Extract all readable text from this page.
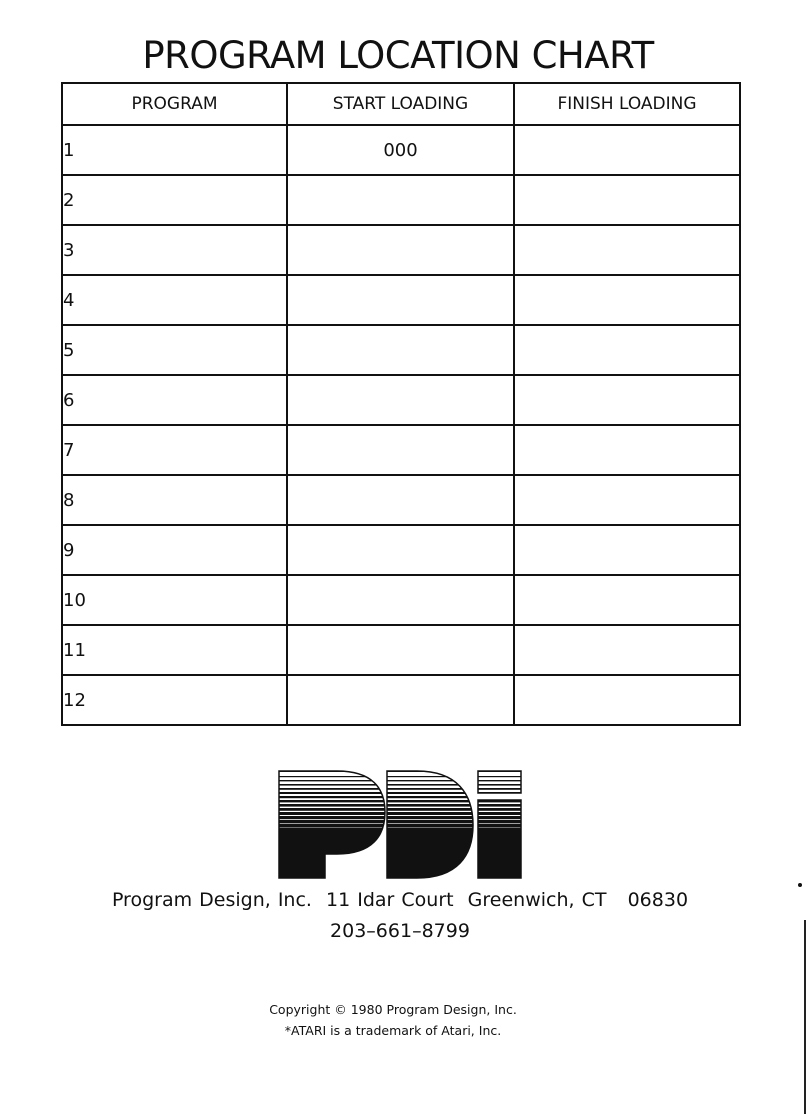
PROGRAM LOCATION CHART
PROGRAM	START LOADING	FINISH LOADING
1	000	
2		
3		
4		
5		
6		
7		
8		
9		
10		
11		
12		
Program Design, Inc.  11 Idar Court  Greenwich, CT   06830
203–661–8799
Copyright © 1980 Program Design, Inc.
*ATARI is a trademark of Atari, Inc.
